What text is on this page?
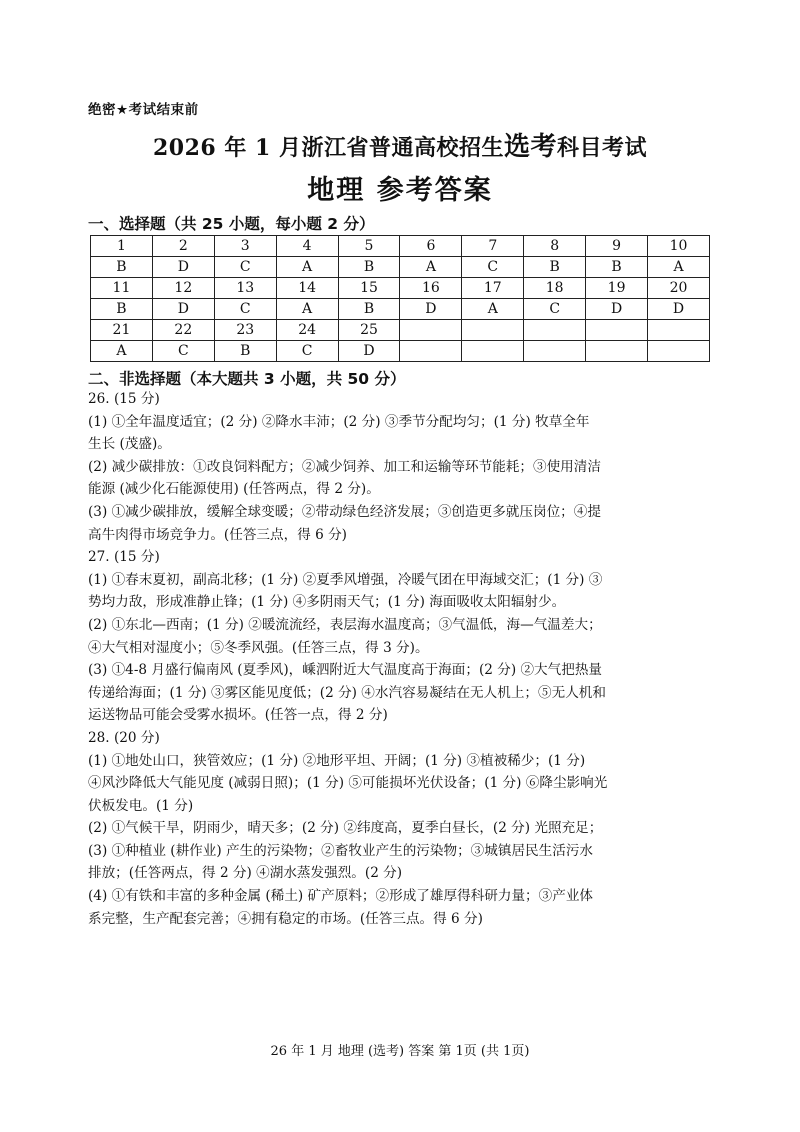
绝密★考试结束前
2026 年 1 月浙江省普通高校招生选考科目考试
地理 参考答案
一、选择题（共 25 小题，每小题 2 分）
1	2	3	4	5	6	7	8	9	10
B	D	C	A	B	A	C	B	B	A
11	12	13	14	15	16	17	18	19	20
B	D	C	A	B	D	A	C	D	D
21	22	23	24	25					
A	C	B	C	D					
二、非选择题（本大题共 3 小题，共 50 分）

26. (15 分)

(1) ①全年温度适宜；(2 分) ②降水丰沛；(2 分) ③季节分配均匀；(1 分) 牧草全年

生长 (茂盛)。

(2) 减少碳排放：①改良饲料配方；②减少饲养、加工和运输等环节能耗；③使用清洁

能源 (减少化石能源使用) (任答两点，得 2 分)。

(3) ①减少碳排放，缓解全球变暖；②带动绿色经济发展；③创造更多就压岗位；④提

高牛肉得市场竞争力。(任答三点，得 6 分)

27. (15 分)

(1) ①春末夏初，副高北移；(1 分) ②夏季风增强，冷暖气团在甲海域交汇；(1 分) ③

势均力敌，形成准静止锋；(1 分) ④多阴雨天气；(1 分) 海面吸收太阳辐射少。

(2) ①东北—西南；(1 分) ②暖流流经，表层海水温度高；③气温低，海—气温差大；

④大气相对湿度小；⑤冬季风强。(任答三点，得 3 分)。

(3) ①4-8 月盛行偏南风 (夏季风)，嵊泗附近大气温度高于海面；(2 分) ②大气把热量

传递给海面；(1 分) ③雾区能见度低；(2 分) ④水汽容易凝结在无人机上；⑤无人机和

运送物品可能会受雾水损坏。(任答一点，得 2 分)

28. (20 分)

(1) ①地处山口，狭管效应；(1 分) ②地形平坦、开阔；(1 分) ③植被稀少；(1 分)

④风沙降低大气能见度 (减弱日照)；(1 分) ⑤可能损坏光伏设备；(1 分) ⑥降尘影响光

伏板发电。(1 分)

(2) ①气候干旱，阴雨少，晴天多；(2 分) ②纬度高，夏季白昼长，(2 分) 光照充足；

(3) ①种植业 (耕作业) 产生的污染物；②畜牧业产生的污染物；③城镇居民生活污水

排放；(任答两点，得 2 分) ④湖水蒸发强烈。(2 分)

(4) ①有铁和丰富的多种金属 (稀土) 矿产原料；②形成了雄厚得科研力量；③产业体

系完整，生产配套完善；④拥有稳定的市场。(任答三点。得 6 分)

26 年 1 月 地理 (选考) 答案 第 1页 (共 1页)
